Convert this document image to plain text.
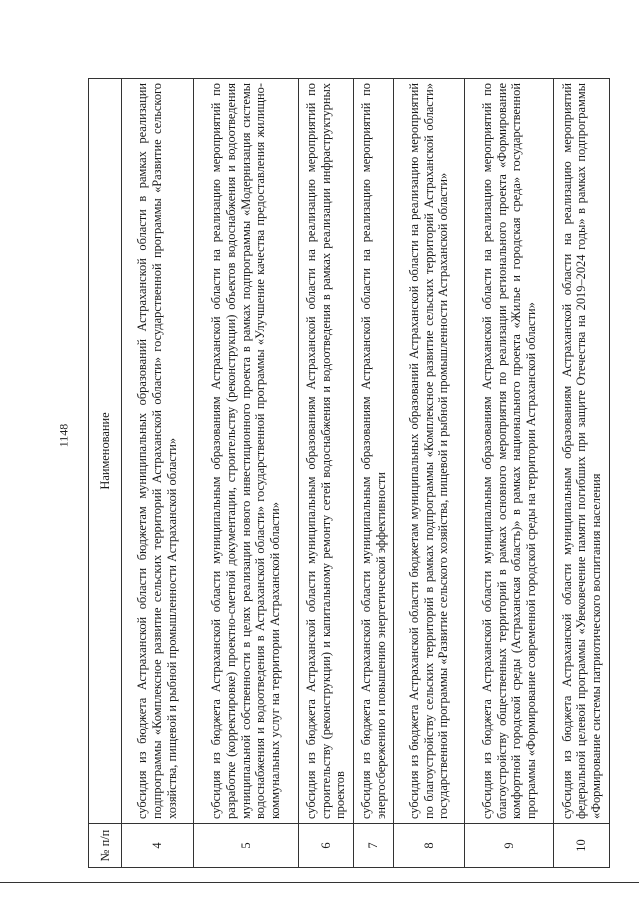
1148
№ п/п	Наименование
4	субсидия из бюджета Астраханской области бюджетам муниципальных образований Астраханской области в рамках реализации подпрограммы «Комплексное развитие сельских территорий Астраханской области» государственной программы «Развитие сельского хозяйства, пищевой и рыбной промышленности Астраханской области»
5	субсидия из бюджета Астраханской области муниципальным образованиям Астраханской области на реализацию мероприятий по разработке (корректировке) проектно-сметной документации, строительству (реконструкции) объектов водоснабжения и водоотведения муниципальной собственности в целях реализации нового инвестиционного проекта в рамках подпрограммы «Модернизация системы водоснабжения и водоотведения в Астраханской области» государственной программы «Улучшение качества предоставления жилищно-коммунальных услуг на территории Астраханской области»
6	субсидия из бюджета Астраханской области муниципальным образованиям Астраханской области на реализацию мероприятий по строительству (реконструкции) и капитальному ремонту сетей водоснабжения и водоотведения в рамках реализации инфраструктурных проектов
7	субсидия из бюджета Астраханской области муниципальным образованиям Астраханской области на реализацию мероприятий по энергосбережению и повышению энергетической эффективности
8	субсидия из бюджета Астраханской области бюджетам муниципальных образований Астраханской области на реализацию мероприятий по благоустройству сельских территорий в рамках подпрограммы «Комплексное развитие сельских территорий Астраханской области» государственной программы «Развитие сельского хозяйства, пищевой и рыбной промышленности Астраханской области»
9	субсидия из бюджета Астраханской области муниципальным образованиям Астраханской области на реализацию мероприятий по благоустройству общественных территорий в рамках основного мероприятия по реализации регионального проекта «Формирование комфортной городской среды (Астраханская область)» в рамках национального проекта «Жилье и городская среда» государственной программы «Формирование современной городской среды на территории Астраханской области»
10	субсидия из бюджета Астраханской области муниципальным образованиям Астраханской области на реализацию мероприятий федеральной целевой программы «Увековечение памяти погибших при защите Отечества на 2019–2024 годы» в рамках подпрограммы «Формирование системы патриотического воспитания населения
